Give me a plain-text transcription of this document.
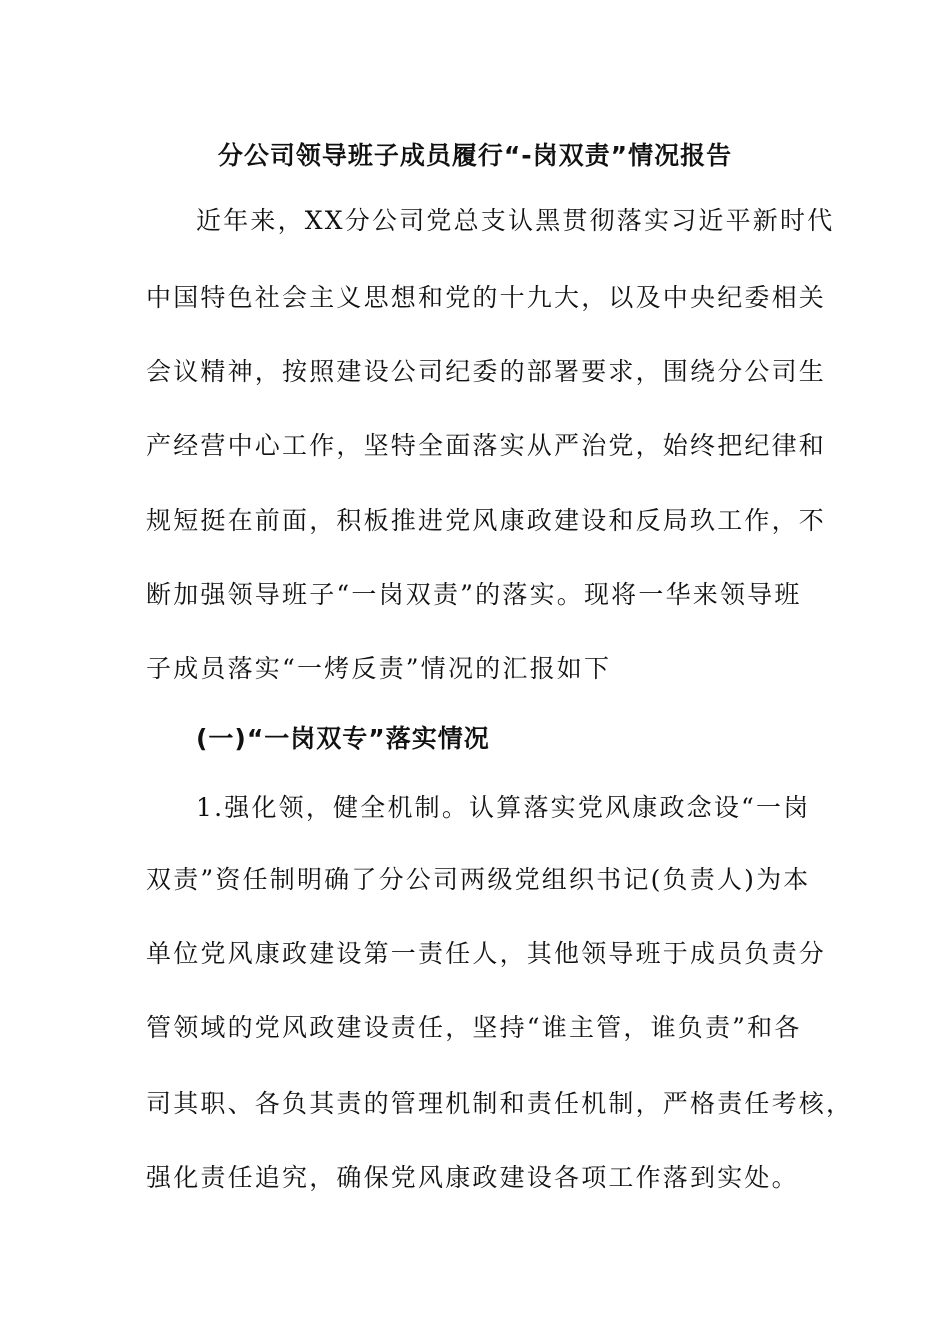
分公司领导班子成员履行“-岗双责”情况报告
近年来，XX分公司党总支认黑贯彻落实习近平新时代
中国特色社会主义思想和党的十九大，以及中央纪委相关
会议精神，按照建设公司纪委的部署要求，围绕分公司生
产经营中心工作，坚特全面落实从严治党，始终把纪律和
规短挺在前面，积板推进党风康政建设和反局玖工作，不
断加强领导班子“一岗双责”的落实。现将一华来领导班
子成员落实“一烤反责”情况的汇报如下
(一)“一岗双专”落实情况
1.强化领，健全机制。认算落实党风康政念设“一岗
双责”资任制明确了分公司两级党组织书记(负责人)为本
单位党风康政建设第一责任人，其他领导班于成员负责分
管领域的党风政建设责任，坚持“谁主管，谁负责”和各
司其职、各负其责的管理机制和责任机制，严格责任考核，
强化责任追究，确保党风康政建设各项工作落到实处。
